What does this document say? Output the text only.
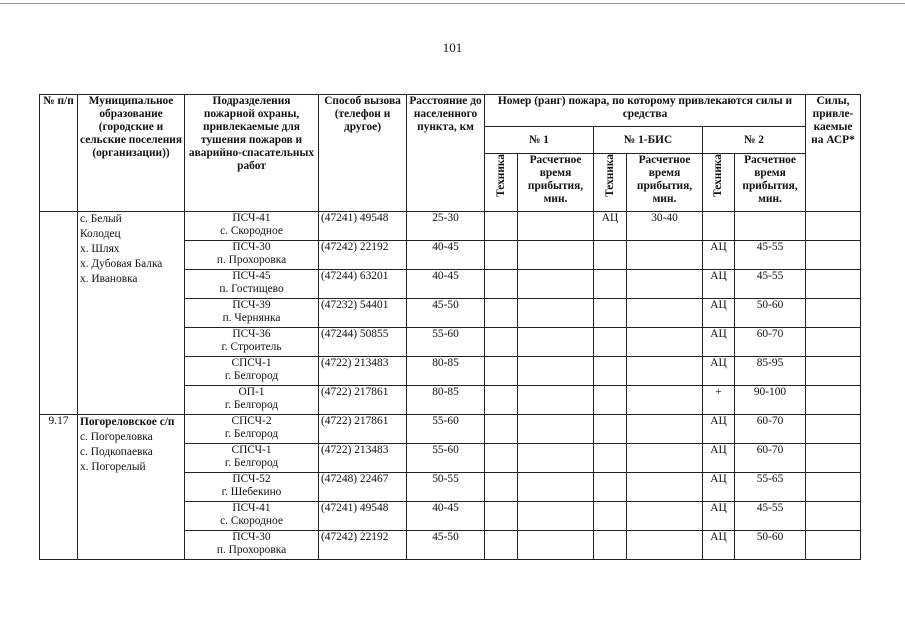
101
№ п/п	Муниципальное образование (городские и сельские поселения (организации))	Подразделения пожарной охраны, привлекаемые для тушения пожаров и аварийно-спасательных работ	Способ вызова (телефон и другое)	Расстояние до населенного пункта, км	Номер (ранг) пожара, по которому привлекаются силы и средства						Силы, привле-каемые на АСР*
					№ 1		№ 1-БИС		№ 2		

					Техника	Расчетное время прибытия, мин.	Техника	Расчетное время прибытия, мин.	Техника	Расчетное время прибытия, мин.	

	с. Белый
Колодец
х. Шлях
х. Дубовая Балка
х. Ивановка	ПСЧ-41
с. Скородное	(47241) 49548	25-30			АЦ	30-40			

		ПСЧ-30
п. Прохоровка	(47242) 22192	40-45					АЦ	45-55	

		ПСЧ-45
п. Гостищево	(47244) 63201	40-45					АЦ	45-55	

		ПСЧ-39
п. Чернянка	(47232) 54401	45-50					АЦ	50-60	

		ПСЧ-36
г. Строитель	(47244) 50855	55-60					АЦ	60-70	

		СПСЧ-1
г. Белгород	(4722) 213483	80-85					АЦ	85-95	

		ОП-1
г. Белгород	(4722) 217861	80-85					+	90-100	
9.17	Погореловское с/п
с. Погореловка
с. Подкопаевка
х. Погорелый	СПСЧ-2
г. Белгород	(4722) 217861	55-60					АЦ	60-70	

		СПСЧ-1
г. Белгород	(4722) 213483	55-60					АЦ	60-70	

		ПСЧ-52
г. Шебекино	(47248) 22467	50-55					АЦ	55-65	

		ПСЧ-41
с. Скородное	(47241) 49548	40-45					АЦ	45-55	

		ПСЧ-30
п. Прохоровка	(47242) 22192	45-50					АЦ	50-60	
